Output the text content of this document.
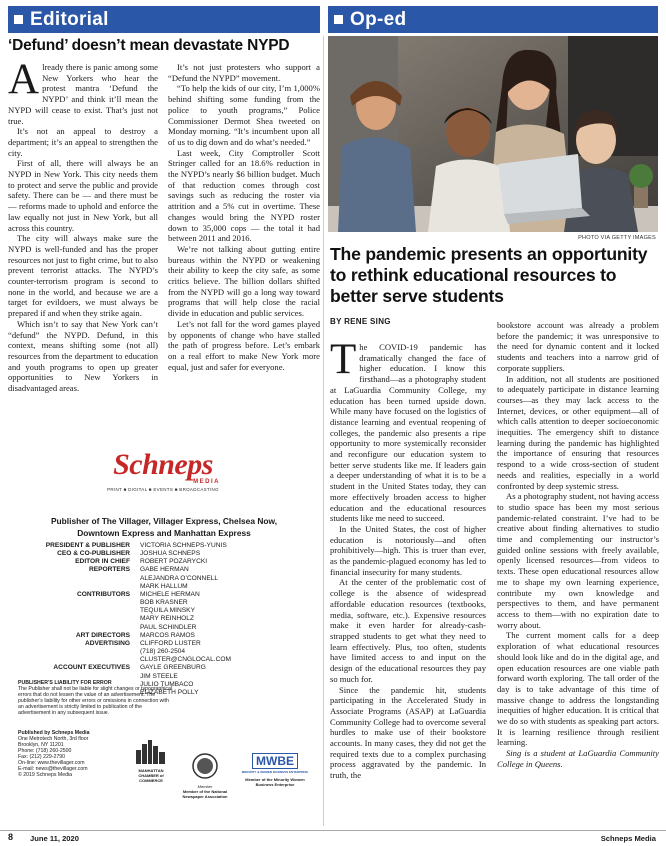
Editorial	Op-ed
‘Defund’ doesn’t mean devastate NYPD
A lready there is panic among some New Yorkers who hear the protest mantra ‘Defund the NYPD’ and think it’ll mean the NYPD will cease to exist. That’s just not true.

It’s not an appeal to destroy a department; it’s an appeal to strengthen the city.

First of all, there will always be an NYPD in New York. This city needs them to protect and serve the public and provide safety. There can be — and there must be — reforms made to uphold and enforce the law equally not just in New York, but all across this country.

The city will always make sure the NYPD is well-funded and has the proper resources not just to fight crime, but to also prevent terrorist attacks. The NYPD’s counter-terrorism program is second to none in the world, and because we are a target for evildoers, we must always be prepared if and when they strike again.

Which isn’t to say that New York can’t “defund” the NYPD. Defund, in this context, means shifting some (not all) resources from the department to education and youth programs to open up greater opportunities to New Yorkers in disadvantaged areas.

It’s not just protesters who support a “Defund the NYPD” movement.

“To help the kids of our city, I’m 1,000% behind shifting some funding from the police to youth programs,” Police Commissioner Dermot Shea tweeted on Monday morning. “It’s incumbent upon all of us to dig down and do what’s needed.”

Last week, City Comptroller Scott Stringer called for an 18.6% reduction in the NYPD’s nearly $6 billion budget. Much of that reduction comes through cost savings such as reducing the roster via attrition and a 5% cut in overtime. These changes would bring the NYPD roster down to 35,000 cops — the total it had between 2011 and 2016.

We’re not talking about gutting entire bureaus within the NYPD or weakening their ability to keep the city safe, as some critics believe. The billion dollars shifted from the NYPD will go a long way toward programs that will help close the racial divide in education and public services.

Let’s not fall for the word games played by opponents of change who have stalled the path of progress before. Let’s embark on a real effort to make New York more equal, just and safer for everyone.

Schneps
MEDIA
PRINT ■ DIGITAL ■ EVENTS ■ BROADCASTING
Publisher of The Villager, Villager Express, Chelsea Now,
Downtown Express and Manhattan Express
PRESIDENT & PUBLISHER	VICTORIA SCHNEPS-YUNIS
CEO & CO-PUBLISHER	JOSHUA SCHNEPS
EDITOR IN CHIEF	ROBERT POZARYCKI
REPORTERS	GABE HERMAN
ALEJANDRA O’CONNELL
MARK HALLUM
CONTRIBUTORS	MICHELE HERMAN
BOB KRASNER
TEQUILA MINSKY
MARY REINHOLZ
PAUL SCHINDLER
ART DIRECTORS	MARCOS RAMOS
ADVERTISING	CLIFFORD LUSTER
(718) 260-2504
CLUSTER@CNGLOCAL.COM
ACCOUNT EXECUTIVES	GAYLE GREENBURG
JIM STEELE
JULIO TUMBACO
ELIZABETH POLLY
PUBLISHER’S LIABILITY FOR ERROR
The Publisher shall not be liable for slight changes or typographical errors that do not lessen the value of an advertisement. The publisher’s liability for other errors or omissions in connection with an advertisement is strictly limited to publication of the advertisement in any subsequent issue.
Published by Schneps Media
One Metrotech North, 3rd floor
Brooklyn, NY 11201
Phone: (718) 260-2500
Fax: (212) 229-2790
On-line: www.thevillager.com
E-mail: news@thevillager.com
© 2019 Schneps Media
MANHATTAN
CHAMBER of
COMMERCE
Member
Member of the National Newspaper Association
MWBE
MINORITY & WOMEN BUSINESS ENTERPRISE
Member of the Minority Women Business Enterprise
PHOTO VIA GETTY IMAGES
The pandemic presents an opportunity to rethink educational resources to better serve students
BY RENE SING
T he COVID-19 pandemic has dramatically changed the face of higher education. I know this firsthand—as a photography student at LaGuardia Community College, my education has been turned upside down. While many have focused on the logistics of distance learning and eventual reopening of colleges, the pandemic also presents a ripe opportunity to more systemically reconsider and reconfigure our education system to better serve students like me. If leaders gain a deeper understanding of what it is to be a student in the United States today, they can more effectively broaden access to higher education and the educational resources students like me need to succeed.

In the United States, the cost of higher education is notoriously—and often prohibitively—high. This is truer than ever, as the pandemic-plagued economy has led to financial insecurity for many students.

At the center of the problematic cost of college is the absence of widespread affordable education resources (textbooks, media, software, etc.). Expensive resources make it even harder for already-cash-strapped students to get what they need to learn effectively. Plus, too often, students have limited access to and input on the design of the educational resources they pay so much for.

Since the pandemic hit, students participating in the Accelerated Study in Associate Programs (ASAP) at LaGuardia Community College had to overcome several hurdles to make use of their bookstore accounts. In many cases, they did not get the required texts due to a complex purchasing process aggravated by the pandemic. In truth, the

bookstore account was already a problem before the pandemic; it was unresponsive to the need for dynamic content and it locked students and teachers into a narrow grid of corporate suppliers.

In addition, not all students are positioned to adequately participate in distance learning courses—as they may lack access to the Internet, devices, or other equipment—all of which calls attention to deeper socioeconomic inequities. The emergency shift to distance learning during the pandemic has highlighted the importance of ensuring that resources respond to a wide cross-section of student needs and realities, especially in a world confronted by deep systemic stress.

As a photography student, not having access to studio space has been my most serious pandemic-related constraint. I’ve had to be creative about finding alternatives to studio time and complementing our instructor’s guided online sessions with freely available, openly licensed resources—from videos to texts. These open educational resources allow me to shape my own learning experience, contribute my own knowledge and perspectives to them, and have permanent access to them—with no expiration date to worry about.

The current moment calls for a deep exploration of what educational resources should look like and do in the digital age, and open education resources are one viable path forward worth exploring. The tall order of the day is to take advantage of this time of massive change to address the longstanding inequities of higher education. It is critical that we do so with students as speaking part actors. It is learning resilience through resilient learning.

Sing is a student at LaGuardia Community College in Queens.

8 June 11, 2020	Schneps Media
